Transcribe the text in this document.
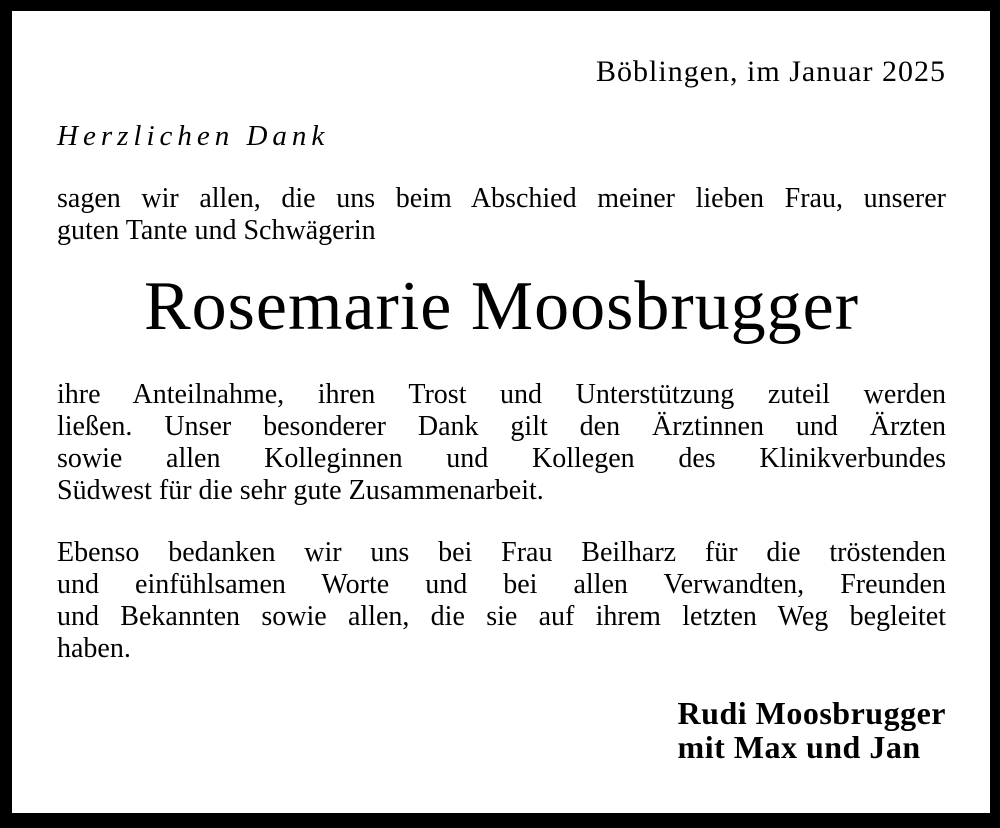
Böblingen, im Januar 2025
Herzlichen Dank
sagen wir allen, die uns beim Abschied meiner lieben Frau, unserer
guten Tante und Schwägerin
Rosemarie Moosbrugger
ihre Anteilnahme, ihren Trost und Unterstützung zuteil werden
ließen. Unser besonderer Dank gilt den Ärztinnen und Ärzten
sowie allen Kolleginnen und Kollegen des Klinikverbundes
Südwest für die sehr gute Zusammenarbeit.
Ebenso bedanken wir uns bei Frau Beilharz für die tröstenden
und einfühlsamen Worte und bei allen Verwandten, Freunden
und Bekannten sowie allen, die sie auf ihrem letzten Weg begleitet
haben.
Rudi Moosbrugger
mit Max und Jan
